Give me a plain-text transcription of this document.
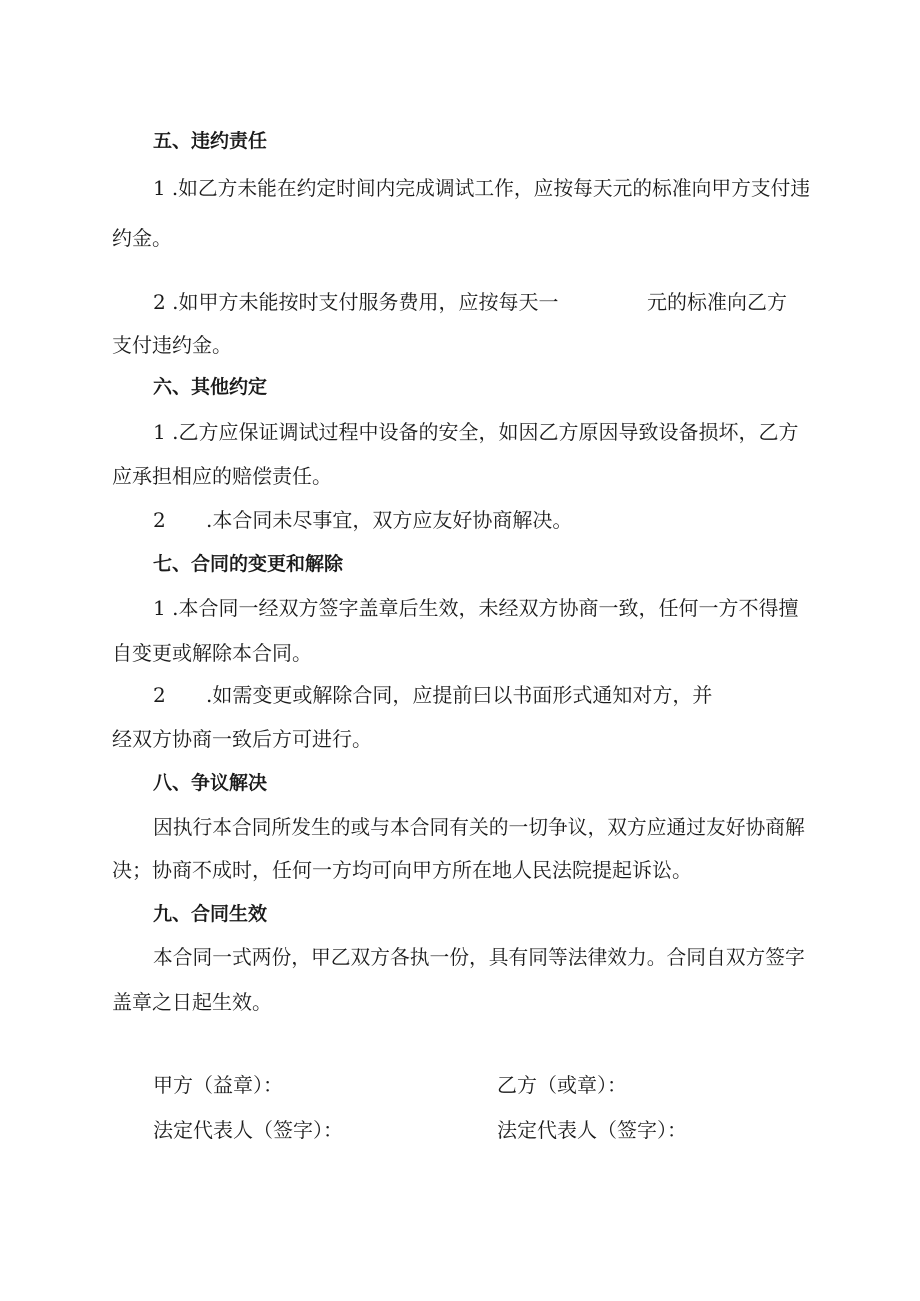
五、违约责任
1 .如乙方未能在约定时间内完成调试工作，应按每天元的标准向甲方支付违
约金。
2 .如甲方未能按时支付服务费用，应按每天一	元的标准向乙方
支付违约金。
六、其他约定
1 .乙方应保证调试过程中设备的安全，如因乙方原因导致设备损坏，乙方
应承担相应的赔偿责任。
2 .本合同未尽事宜，双方应友好协商解决。
七、合同的变更和解除
1 .本合同一经双方签字盖章后生效，未经双方协商一致，任何一方不得擅
自变更或解除本合同。
2 .如需变更或解除合同，应提前曰以书面形式通知对方，并
经双方协商一致后方可进行。
八、争议解决
因执行本合同所发生的或与本合同有关的一切争议，双方应通过友好协商解
决；协商不成时，任何一方均可向甲方所在地人民法院提起诉讼。
九、合同生效
本合同一式两份，甲乙双方各执一份，具有同等法律效力。合同自双方签字
盖章之日起生效。
甲方（益章）：	乙方（或章）：
法定代表人（签字）：	法定代表人（签字）：
